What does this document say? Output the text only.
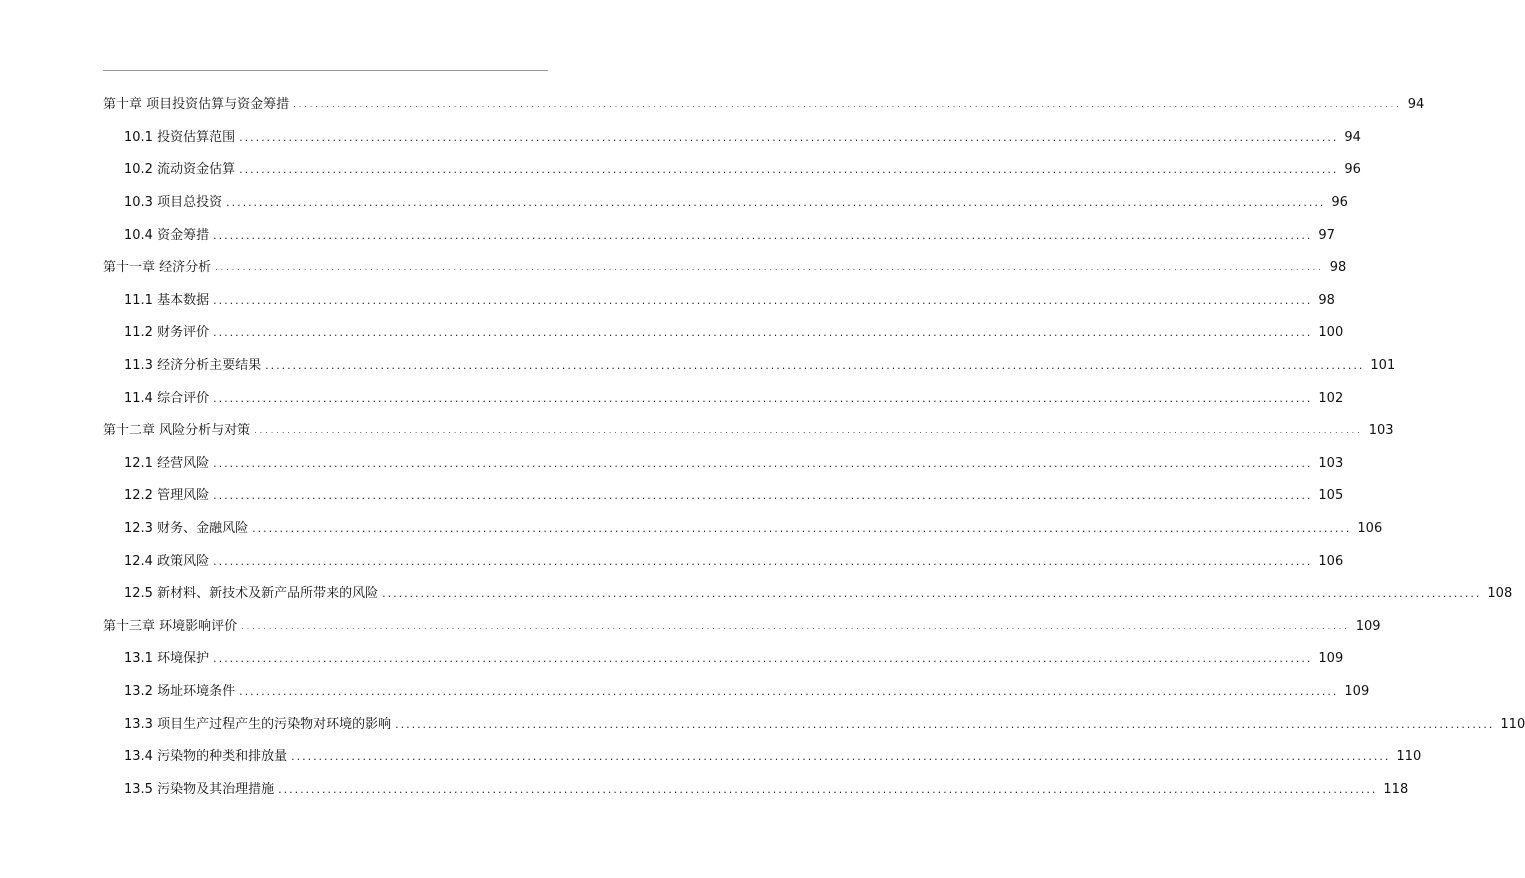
第十章 项目投资估算与资金筹措 ........................................................................................................................................................................................................ 94
10.1 投资估算范围 ........................................................................................................................................................................................................ 94
10.2 流动资金估算 ........................................................................................................................................................................................................ 96
10.3 项目总投资 ........................................................................................................................................................................................................ 96
10.4 资金筹措 ........................................................................................................................................................................................................ 97
第十一章 经济分析 ........................................................................................................................................................................................................ 98
11.1 基本数据 ........................................................................................................................................................................................................ 98
11.2 财务评价 ........................................................................................................................................................................................................ 100
11.3 经济分析主要结果 ........................................................................................................................................................................................................ 101
11.4 综合评价 ........................................................................................................................................................................................................ 102
第十二章 风险分析与对策 ........................................................................................................................................................................................................ 103
12.1 经营风险 ........................................................................................................................................................................................................ 103
12.2 管理风险 ........................................................................................................................................................................................................ 105
12.3 财务、金融风险 ........................................................................................................................................................................................................ 106
12.4 政策风险 ........................................................................................................................................................................................................ 106
12.5 新材料、新技术及新产品所带来的风险 ........................................................................................................................................................................................................ 108
第十三章 环境影响评价 ........................................................................................................................................................................................................ 109
13.1 环境保护 ........................................................................................................................................................................................................ 109
13.2 场址环境条件 ........................................................................................................................................................................................................ 109
13.3 项目生产过程产生的污染物对环境的影响 ........................................................................................................................................................................................................ 110
13.4 污染物的种类和排放量 ........................................................................................................................................................................................................ 110
13.5 污染物及其治理措施 ........................................................................................................................................................................................................ 118
